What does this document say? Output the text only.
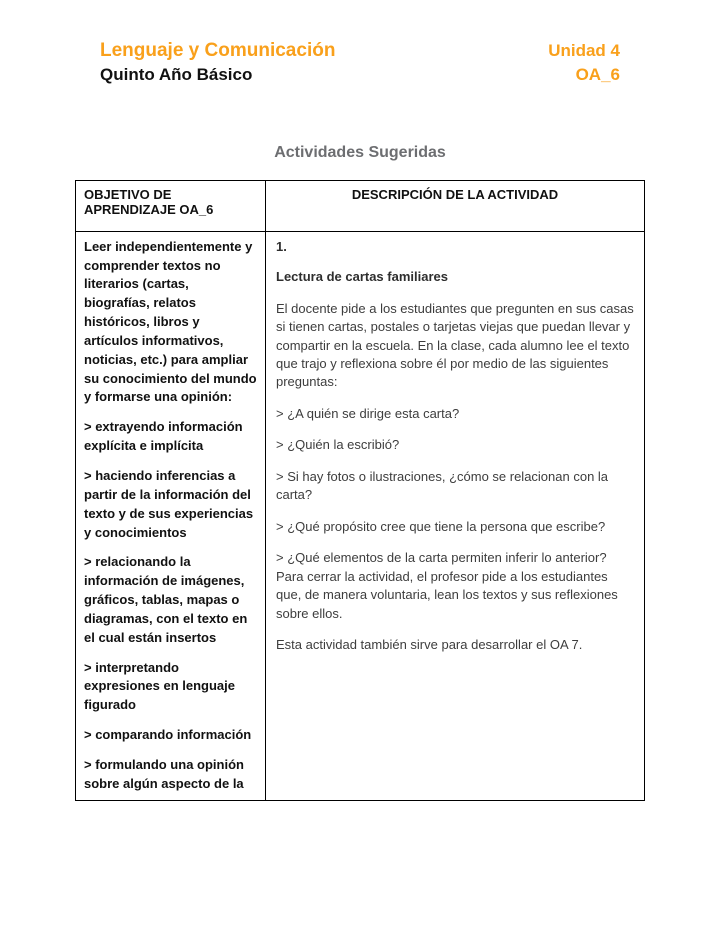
Lenguaje y Comunicación
Quinto Año Básico
Unidad 4
OA_6
Actividades Sugeridas
OBJETIVO DE APRENDIZAJE OA_6
DESCRIPCIÓN DE LA ACTIVIDAD

Leer independientemente y comprender textos no literarios (cartas, biografías, relatos históricos, libros y artículos informativos, noticias, etc.) para ampliar su conocimiento del mundo y formarse una opinión:

> extrayendo información explícita e implícita

> haciendo inferencias a partir de la información del texto y de sus experiencias y conocimientos

> relacionando la información de imágenes, gráficos, tablas, mapas o diagramas, con el texto en el cual están insertos

> interpretando expresiones en lenguaje figurado

> comparando información

> formulando una opinión sobre algún aspecto de la

1.

Lectura de cartas familiares

El docente pide a los estudiantes que pregunten en sus casas si tienen cartas, postales o tarjetas viejas que puedan llevar y compartir en la escuela. En la clase, cada alumno lee el texto que trajo y reflexiona sobre él por medio de las siguientes preguntas:

> ¿A quién se dirige esta carta?

> ¿Quién la escribió?

> Si hay fotos o ilustraciones, ¿cómo se relacionan con la carta?

> ¿Qué propósito cree que tiene la persona que escribe?

> ¿Qué elementos de la carta permiten inferir lo anterior? Para cerrar la actividad, el profesor pide a los estudiantes que, de manera voluntaria, lean los textos y sus reflexiones sobre ellos.

Esta actividad también sirve para desarrollar el OA 7.
